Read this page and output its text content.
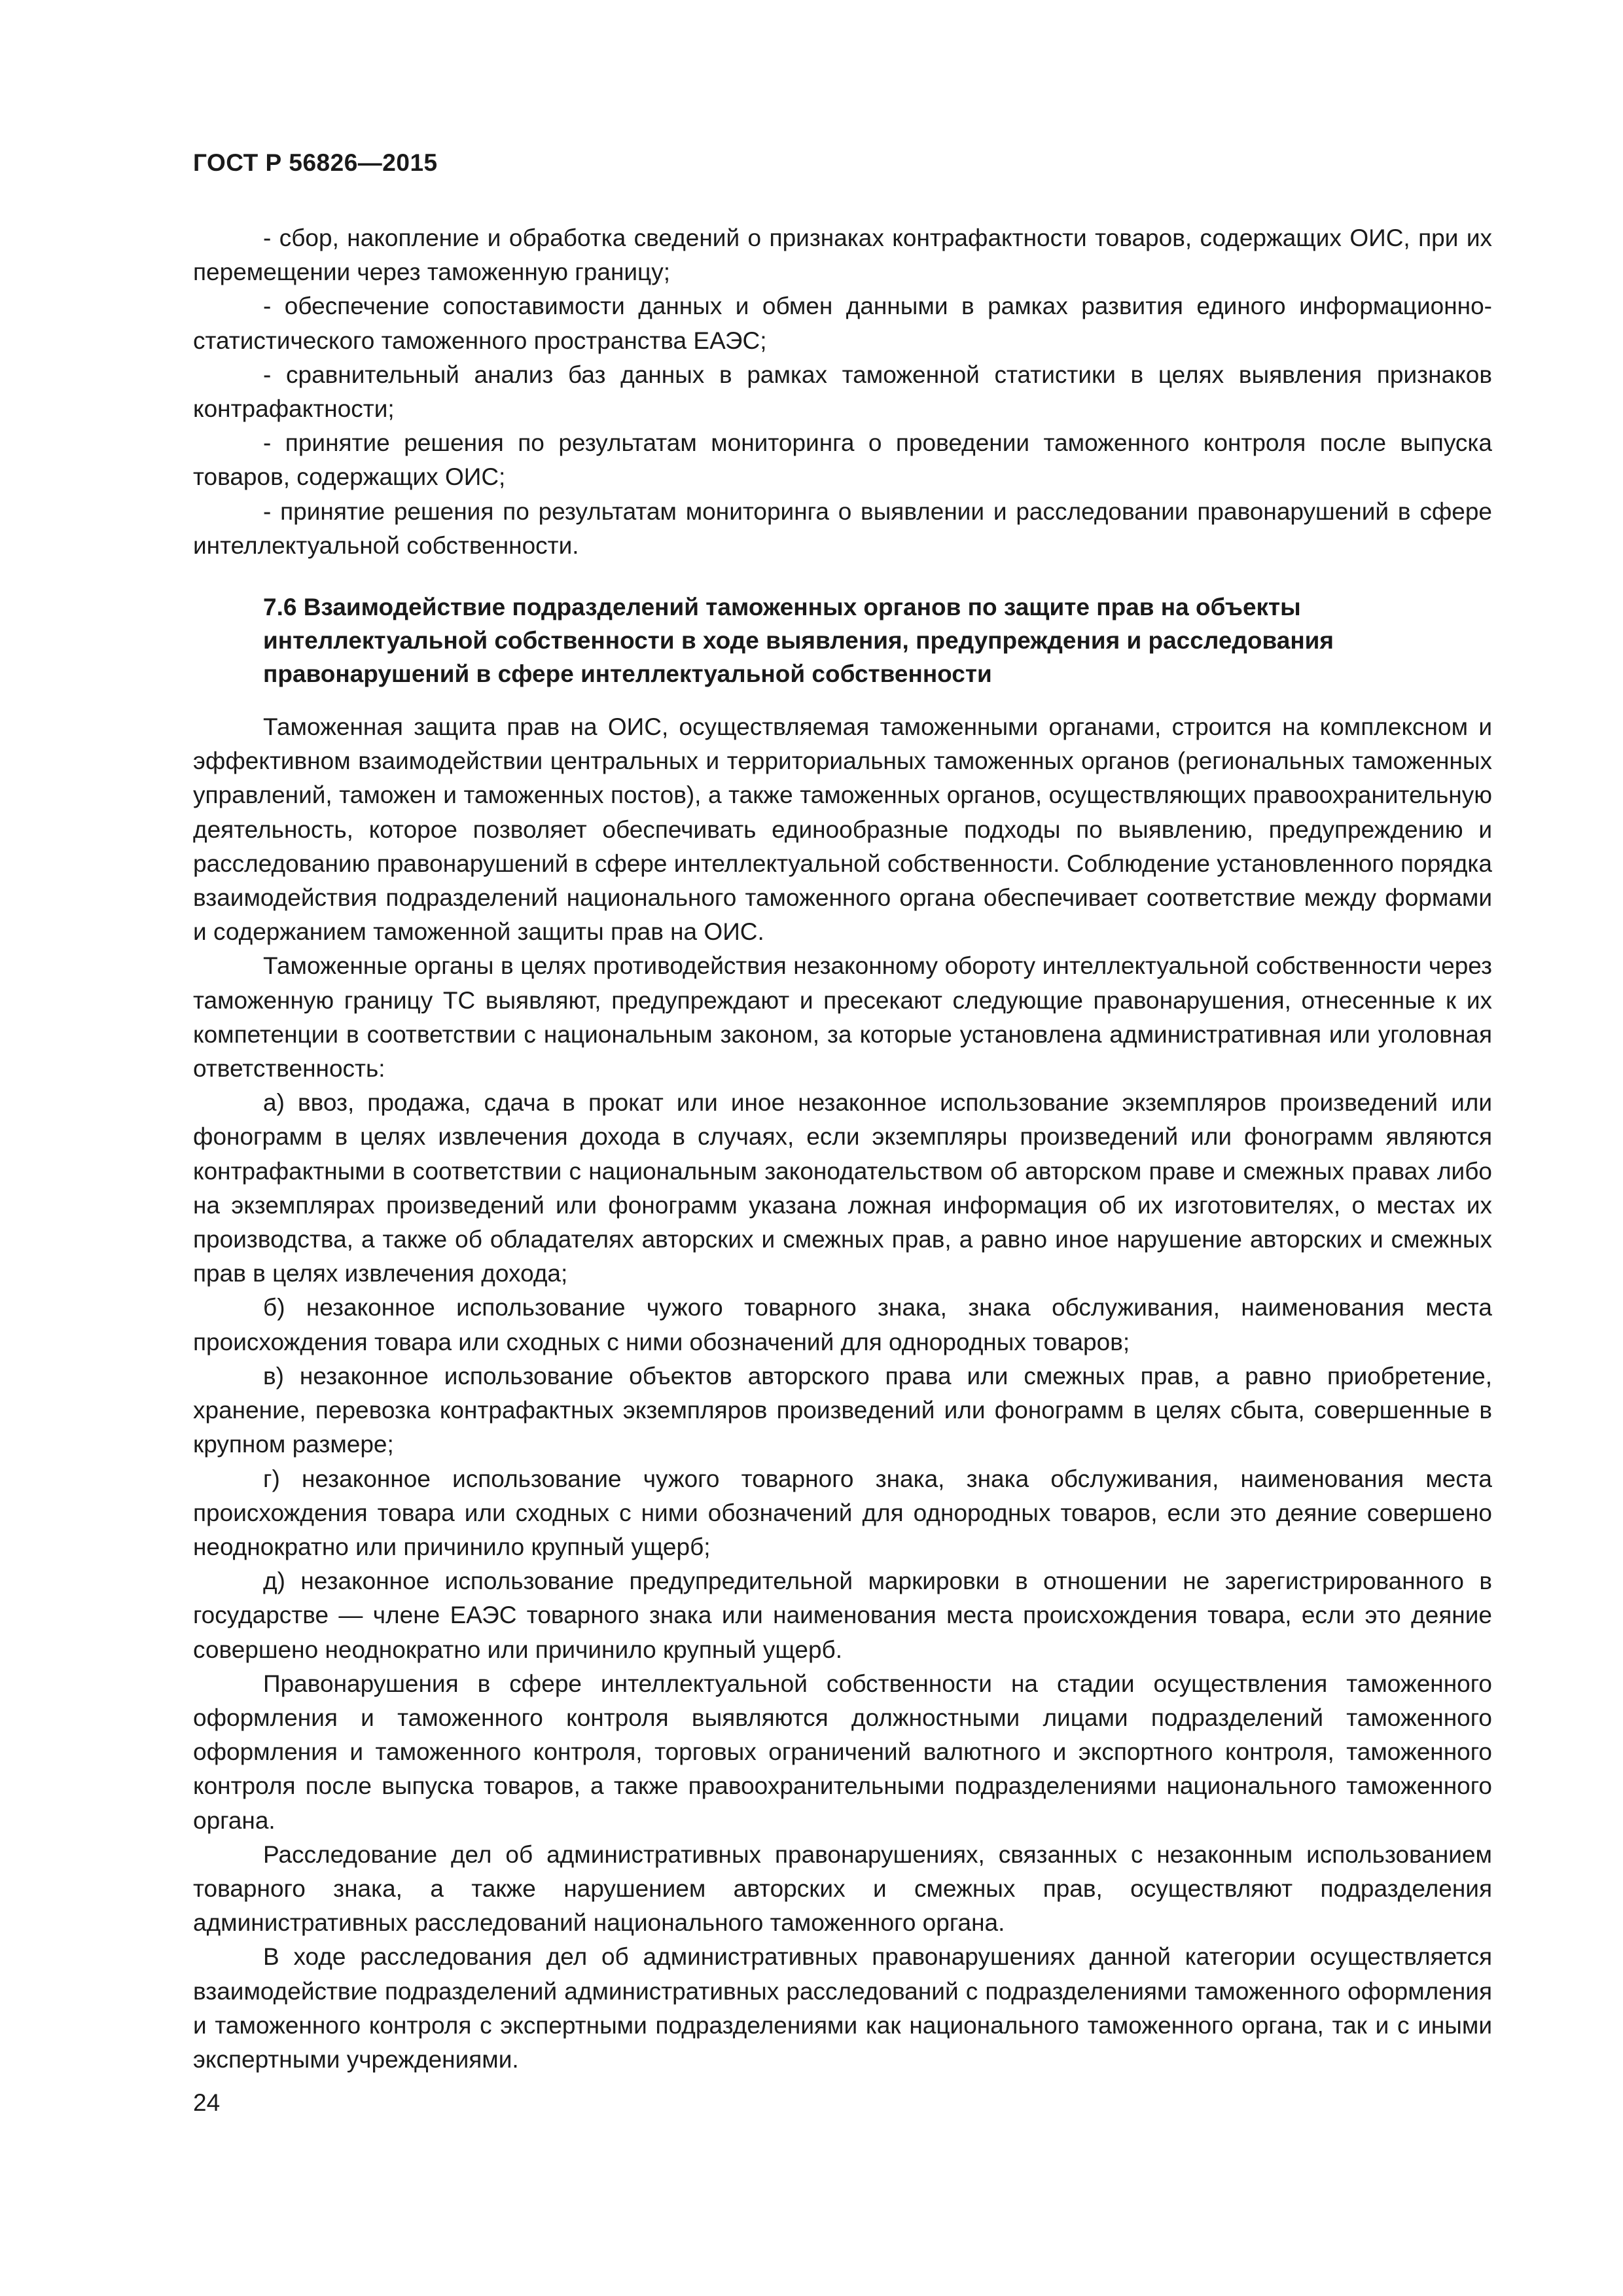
ГОСТ Р 56826—2015

- сбор, накопление и обработка сведений о признаках контрафактности товаров, содержащих ОИС, при их перемещении через таможенную границу;

- обеспечение сопоставимости данных и обмен данными в рамках развития единого информационно-статистического таможенного пространства ЕАЭС;

- сравнительный анализ баз данных в рамках таможенной статистики в целях выявления признаков контрафактности;

- принятие решения по результатам мониторинга о проведении таможенного контроля после выпуска товаров, содержащих ОИС;

- принятие решения по результатам мониторинга о выявлении и расследовании правонарушений в сфере интеллектуальной собственности.

7.6 Взаимодействие подразделений таможенных органов по защите прав на объекты интеллектуальной собственности в ходе выявления, предупреждения и расследования правонарушений в сфере интеллектуальной собственности

Таможенная защита прав на ОИС, осуществляемая таможенными органами, строится на комплексном и эффективном взаимодействии центральных и территориальных таможенных органов (региональных таможенных управлений, таможен и таможенных постов), а также таможенных органов, осуществляющих правоохранительную деятельность, которое позволяет обеспечивать единообразные подходы по выявлению, предупреждению и расследованию правонарушений в сфере интеллектуальной собственности. Соблюдение установленного порядка взаимодействия подразделений национального таможенного органа обеспечивает соответствие между формами и содержанием таможенной защиты прав на ОИС.

Таможенные органы в целях противодействия незаконному обороту интеллектуальной собственности через таможенную границу ТС выявляют, предупреждают и пресекают следующие правонарушения, отнесенные к их компетенции в соответствии с национальным законом, за которые установлена административная или уголовная ответственность:

а) ввоз, продажа, сдача в прокат или иное незаконное использование экземпляров произведений или фонограмм в целях извлечения дохода в случаях, если экземпляры произведений или фонограмм являются контрафактными в соответствии с национальным законодательством об авторском праве и смежных правах либо на экземплярах произведений или фонограмм указана ложная информация об их изготовителях, о местах их производства, а также об обладателях авторских и смежных прав, а равно иное нарушение авторских и смежных прав в целях извлечения дохода;

б) незаконное использование чужого товарного знака, знака обслуживания, наименования места происхождения товара или сходных с ними обозначений для однородных товаров;

в) незаконное использование объектов авторского права или смежных прав, а равно приобретение, хранение, перевозка контрафактных экземпляров произведений или фонограмм в целях сбыта, совершенные в крупном размере;

г) незаконное использование чужого товарного знака, знака обслуживания, наименования места происхождения товара или сходных с ними обозначений для однородных товаров, если это деяние совершено неоднократно или причинило крупный ущерб;

д) незаконное использование предупредительной маркировки в отношении не зарегистрированного в государстве — члене ЕАЭС товарного знака или наименования места происхождения товара, если это деяние совершено неоднократно или причинило крупный ущерб.

Правонарушения в сфере интеллектуальной собственности на стадии осуществления таможенного оформления и таможенного контроля выявляются должностными лицами подразделений таможенного оформления и таможенного контроля, торговых ограничений валютного и экспортного контроля, таможенного контроля после выпуска товаров, а также правоохранительными подразделениями национального таможенного органа.

Расследование дел об административных правонарушениях, связанных с незаконным использованием товарного знака, а также нарушением авторских и смежных прав, осуществляют подразделения административных расследований национального таможенного органа.

В ходе расследования дел об административных правонарушениях данной категории осуществляется взаимодействие подразделений административных расследований с подразделениями таможенного оформления и таможенного контроля с экспертными подразделениями как национального таможенного органа, так и с иными экспертными учреждениями.

24
